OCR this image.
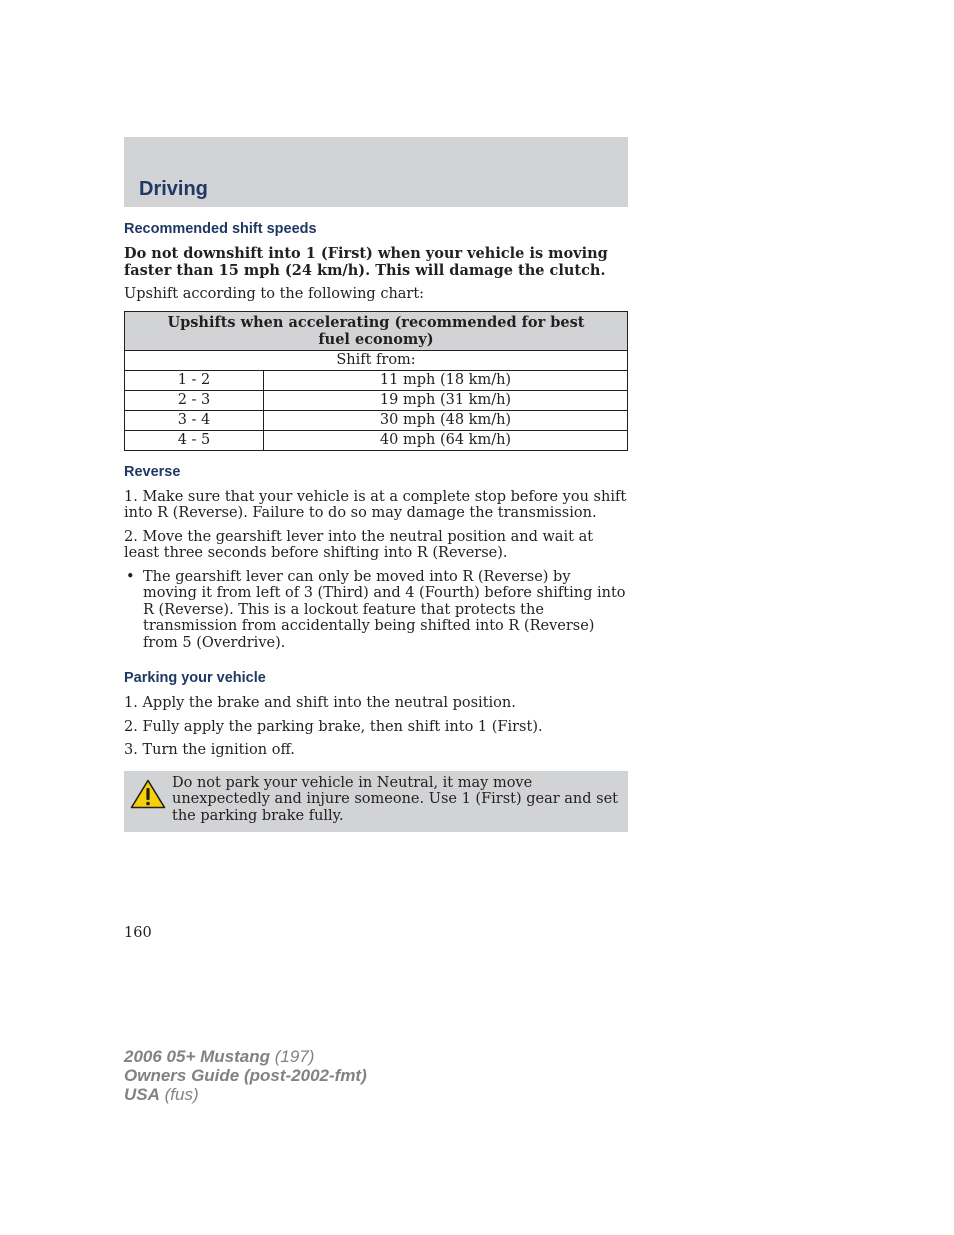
Driving
Recommended shift speeds

Do not downshift into 1 (First) when your vehicle is moving faster than 15 mph (24 km/h). This will damage the clutch.

Upshift according to the following chart:

Upshifts when accelerating (recommended for best fuel economy)	
Shift from:	
1 - 2	11 mph (18 km/h)
2 - 3	19 mph (31 km/h)
3 - 4	30 mph (48 km/h)
4 - 5	40 mph (64 km/h)
Reverse

1. Make sure that your vehicle is at a complete stop before you shift into R (Reverse). Failure to do so may damage the transmission.

2. Move the gearshift lever into the neutral position and wait at least three seconds before shifting into R (Reverse).

• The gearshift lever can only be moved into R (Reverse) by moving it from left of 3 (Third) and 4 (Fourth) before shifting into R (Reverse). This is a lockout feature that protects the transmission from accidentally being shifted into R (Reverse) from 5 (Overdrive).
Parking your vehicle

1. Apply the brake and shift into the neutral position.

2. Fully apply the parking brake, then shift into 1 (First).

3. Turn the ignition off.

Do not park your vehicle in Neutral, it may move unexpectedly and injure someone. Use 1 (First) gear and set the parking brake fully.
160
2006 05+ Mustang (197)
Owners Guide (post-2002-fmt)
USA (fus)
